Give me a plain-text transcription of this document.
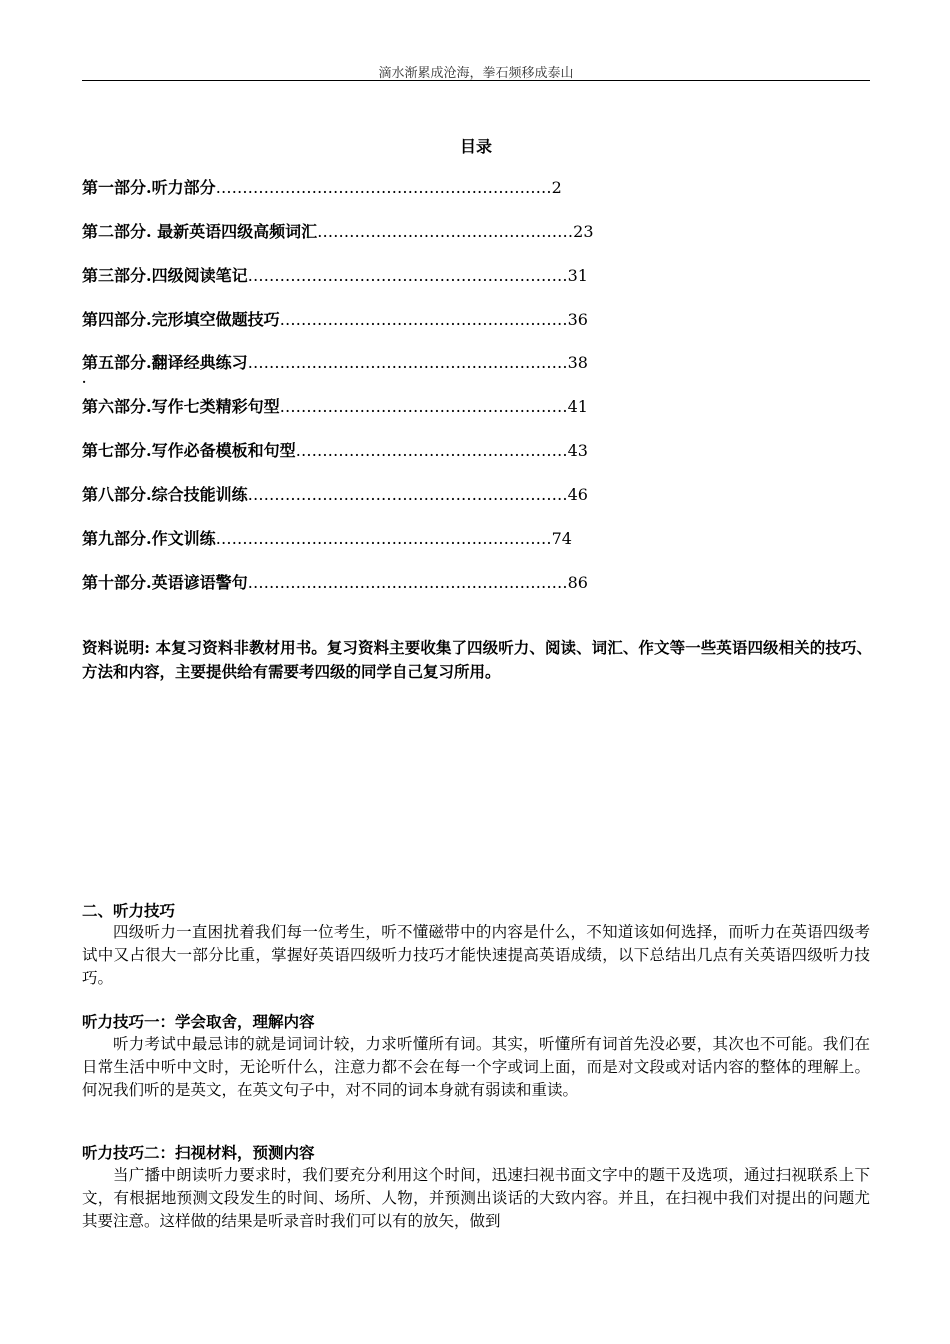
滴水渐累成沧海，拳石频移成泰山
目录
第一部分.听力部分………………………………………………………2
第二部分. 最新英语四级高频词汇…………………………………………23
第三部分.四级阅读笔记……………………………………………………31
第四部分.完形填空做题技巧………………………………………………36
第五部分.翻译经典练习……………………………………………………38
第六部分.写作七类精彩句型………………………………………………41
第七部分.写作必备模板和句型……………………………………………43
第八部分.综合技能训练……………………………………………………46
第九部分.作文训练………………………………………………………74
第十部分.英语谚语警句……………………………………………………86
.
资料说明: 本复习资料非教材用书。复习资料主要收集了四级听力、阅读、词汇、作文等一些英语四级相关的技巧、方法和内容，主要提供给有需要考四级的同学自己复习所用。
二、听力技巧
四级听力一直困扰着我们每一位考生，听不懂磁带中的内容是什么，不知道该如何选择，而听力在英语四级考试中又占很大一部分比重，掌握好英语四级听力技巧才能快速提高英语成绩，以下总结出几点有关英语四级听力技巧。
听力技巧一：学会取舍，理解内容
听力考试中最忌讳的就是词词计较，力求听懂所有词。其实，听懂所有词首先没必要，其次也不可能。我们在日常生活中听中文时，无论听什么，注意力都不会在每一个字或词上面，而是对文段或对话内容的整体的理解上。何况我们听的是英文，在英文句子中，对不同的词本身就有弱读和重读。
听力技巧二：扫视材料，预测内容
当广播中朗读听力要求时，我们要充分利用这个时间，迅速扫视书面文字中的题干及选项，通过扫视联系上下文，有根据地预测文段发生的时间、场所、人物，并预测出谈话的大致内容。并且，在扫视中我们对提出的问题尤其要注意。这样做的结果是听录音时我们可以有的放矢，做到
